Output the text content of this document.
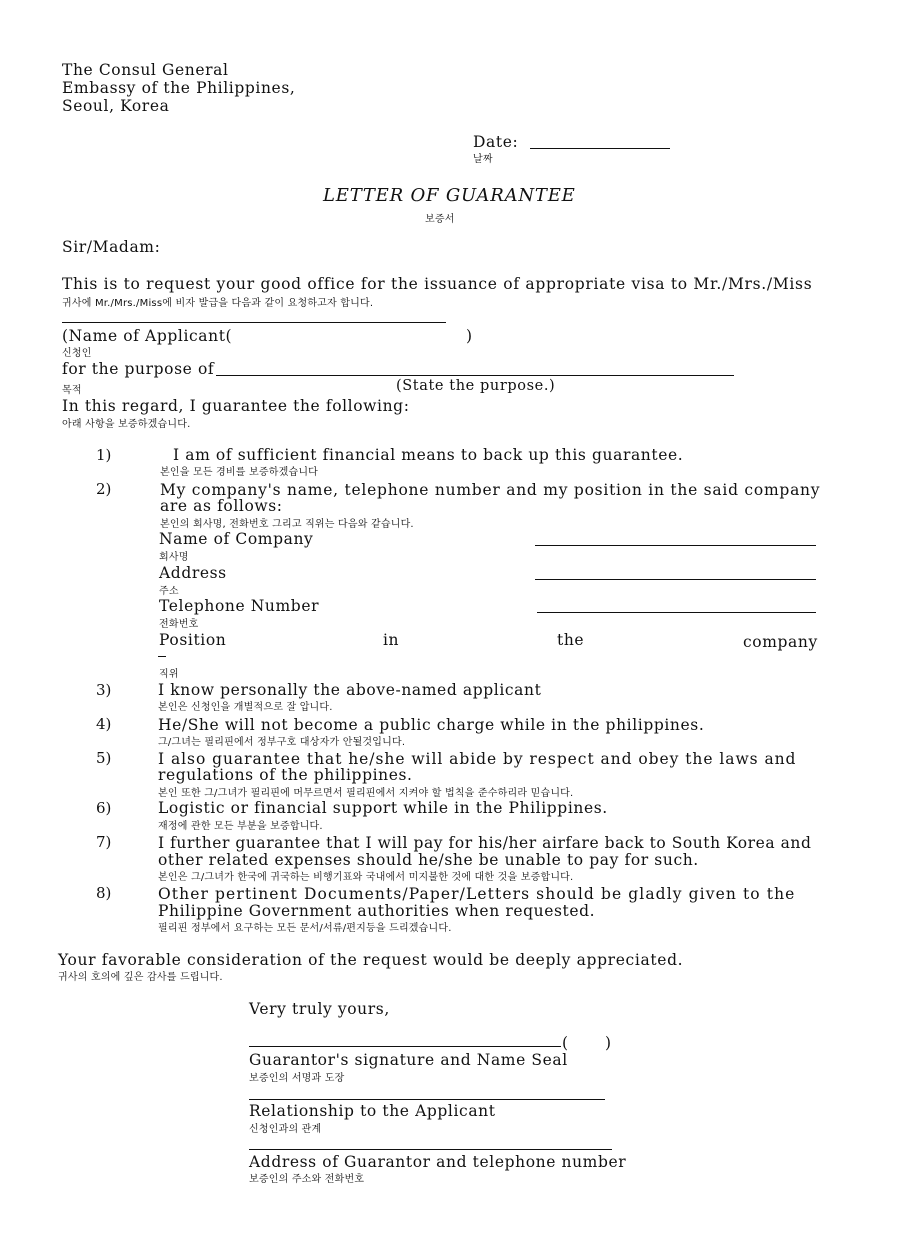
The Consul General
Embassy of the Philippines,
Seoul, Korea
Date:
날짜
LETTER OF GUARANTEE
보증서
Sir/Madam:
This is to request your good office for the issuance of appropriate visa to Mr./Mrs./Miss
귀사에 Mr./Mrs./Miss에 비자 발급을 다음과 같이 요청하고자 합니다.
(Name of Applicant(	)
신청인
for the purpose of
목적	(State the purpose.)
In this regard, I guarantee the following:
아래 사항을 보증하겠습니다.
1)	I am of sufficient financial means to back up this guarantee.
본인을 모든 경비를 보증하겠습니다
2)	My company's name, telephone number and my position in the said company
are as follows:
본인의 회사명, 전화번호 그리고 직위는 다음와 같습니다.
Name of Company
회사명
Address
주소
Telephone Number
전화번호
Position	in	the	company
직위
3)	I know personally the above-named applicant
본인은 신청인을 개별적으로 잘 압니다.
4)	He/She will not become a public charge while in the philippines.
그/그녀는 필리핀에서 정부구호 대상자가 안될것입니다.
5)	I also guarantee that he/she will abide by respect and obey the laws and
regulations of the philippines.
본인 또한 그/그녀가 필리핀에 머무르면서 필리핀에서 지켜야 할 법칙을 준수하리라 믿습니다.
6)	Logistic or financial support while in the Philippines.
재정에 관한 모든 부분을 보증합니다.
7)	I further guarantee that I will pay for his/her airfare back to South Korea and
other related expenses should he/she be unable to pay for such.
본인은 그/그녀가 한국에 귀국하는 비행기표와 국내에서 미지불한 것에 대한 것을 보증합니다.
8)	Other pertinent Documents/Paper/Letters should be gladly given to the
Philippine Government authorities when requested.
필리핀 정부에서 요구하는 모든 문서/서류/편지등을 드리겠습니다.
Your favorable consideration of the request would be deeply appreciated.
귀사의 호의에 깊은 감사를 드립니다.
Very truly yours,
( )
Guarantor's signature and Name Seal
보증인의 서명과 도장
Relationship to the Applicant
신청인과의 관계
Address of Guarantor and telephone number
보증인의 주소와 전화번호
